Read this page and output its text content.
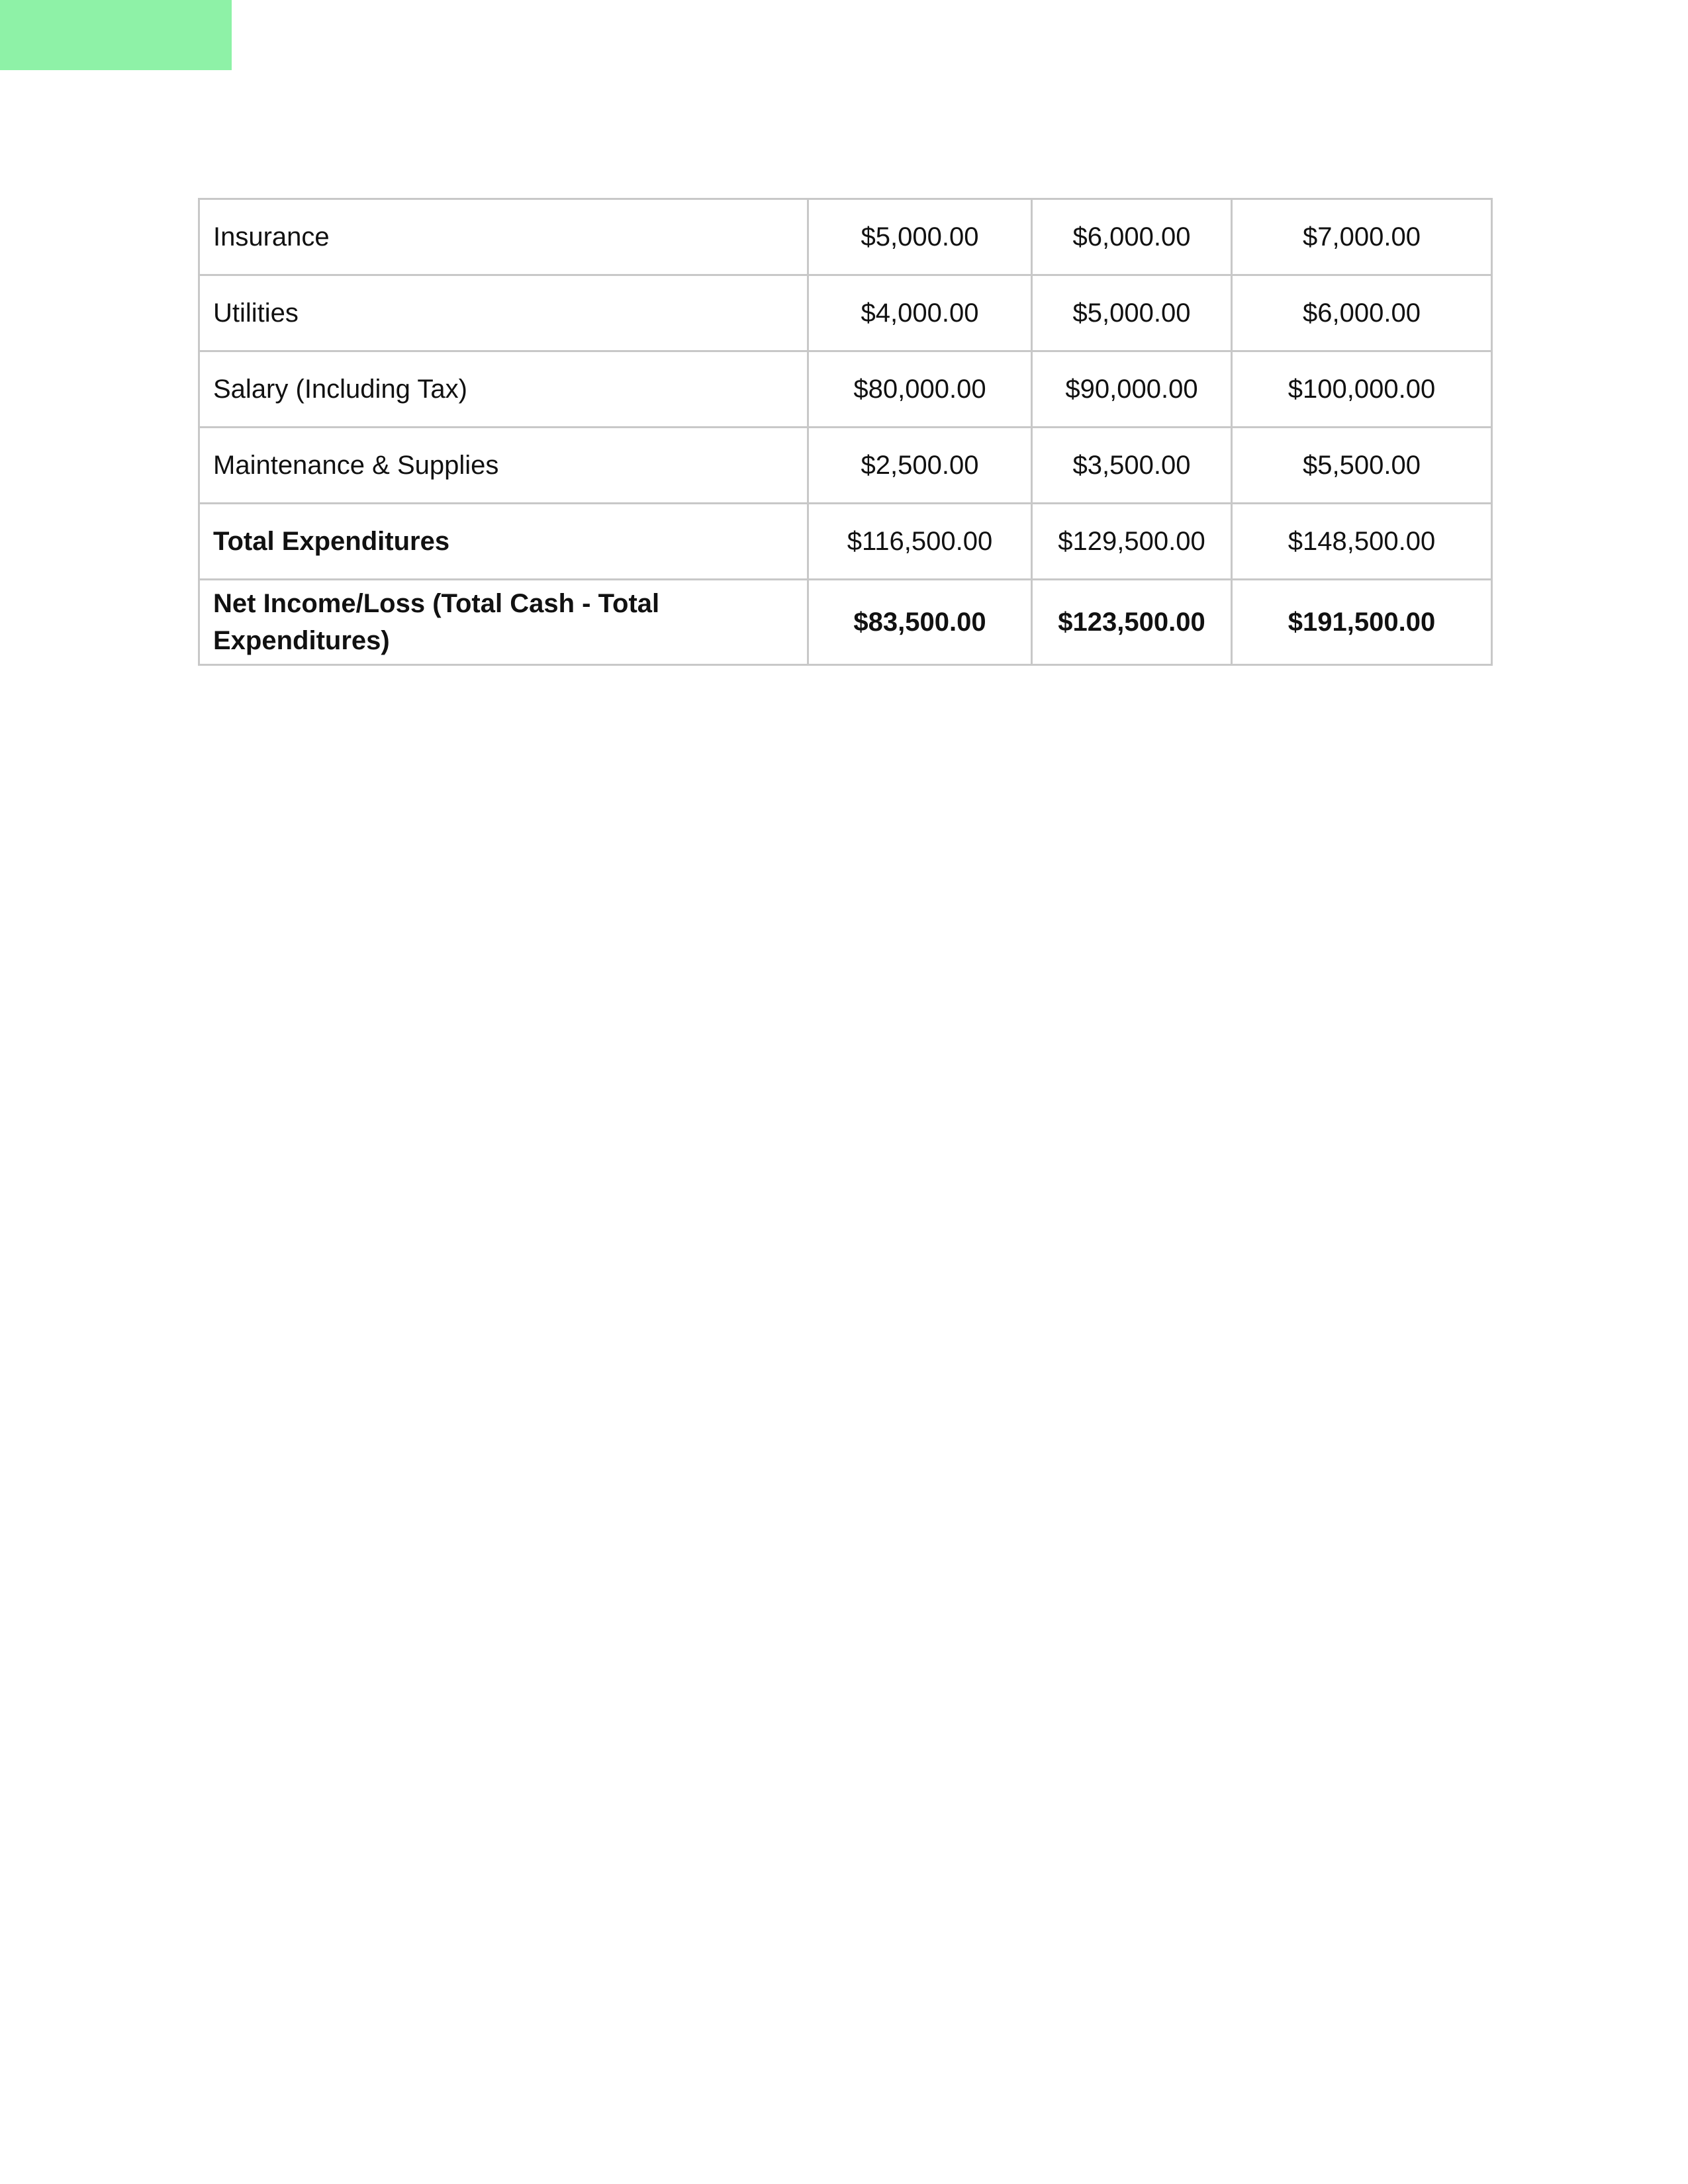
Insurance	$5,000.00	$6,000.00	$7,000.00
Utilities	$4,000.00	$5,000.00	$6,000.00
Salary (Including Tax)	$80,000.00	$90,000.00	$100,000.00
Maintenance & Supplies	$2,500.00	$3,500.00	$5,500.00
Total Expenditures	$116,500.00	$129,500.00	$148,500.00
Net Income/Loss (Total Cash - Total Expenditures)	$83,500.00	$123,500.00	$191,500.00
